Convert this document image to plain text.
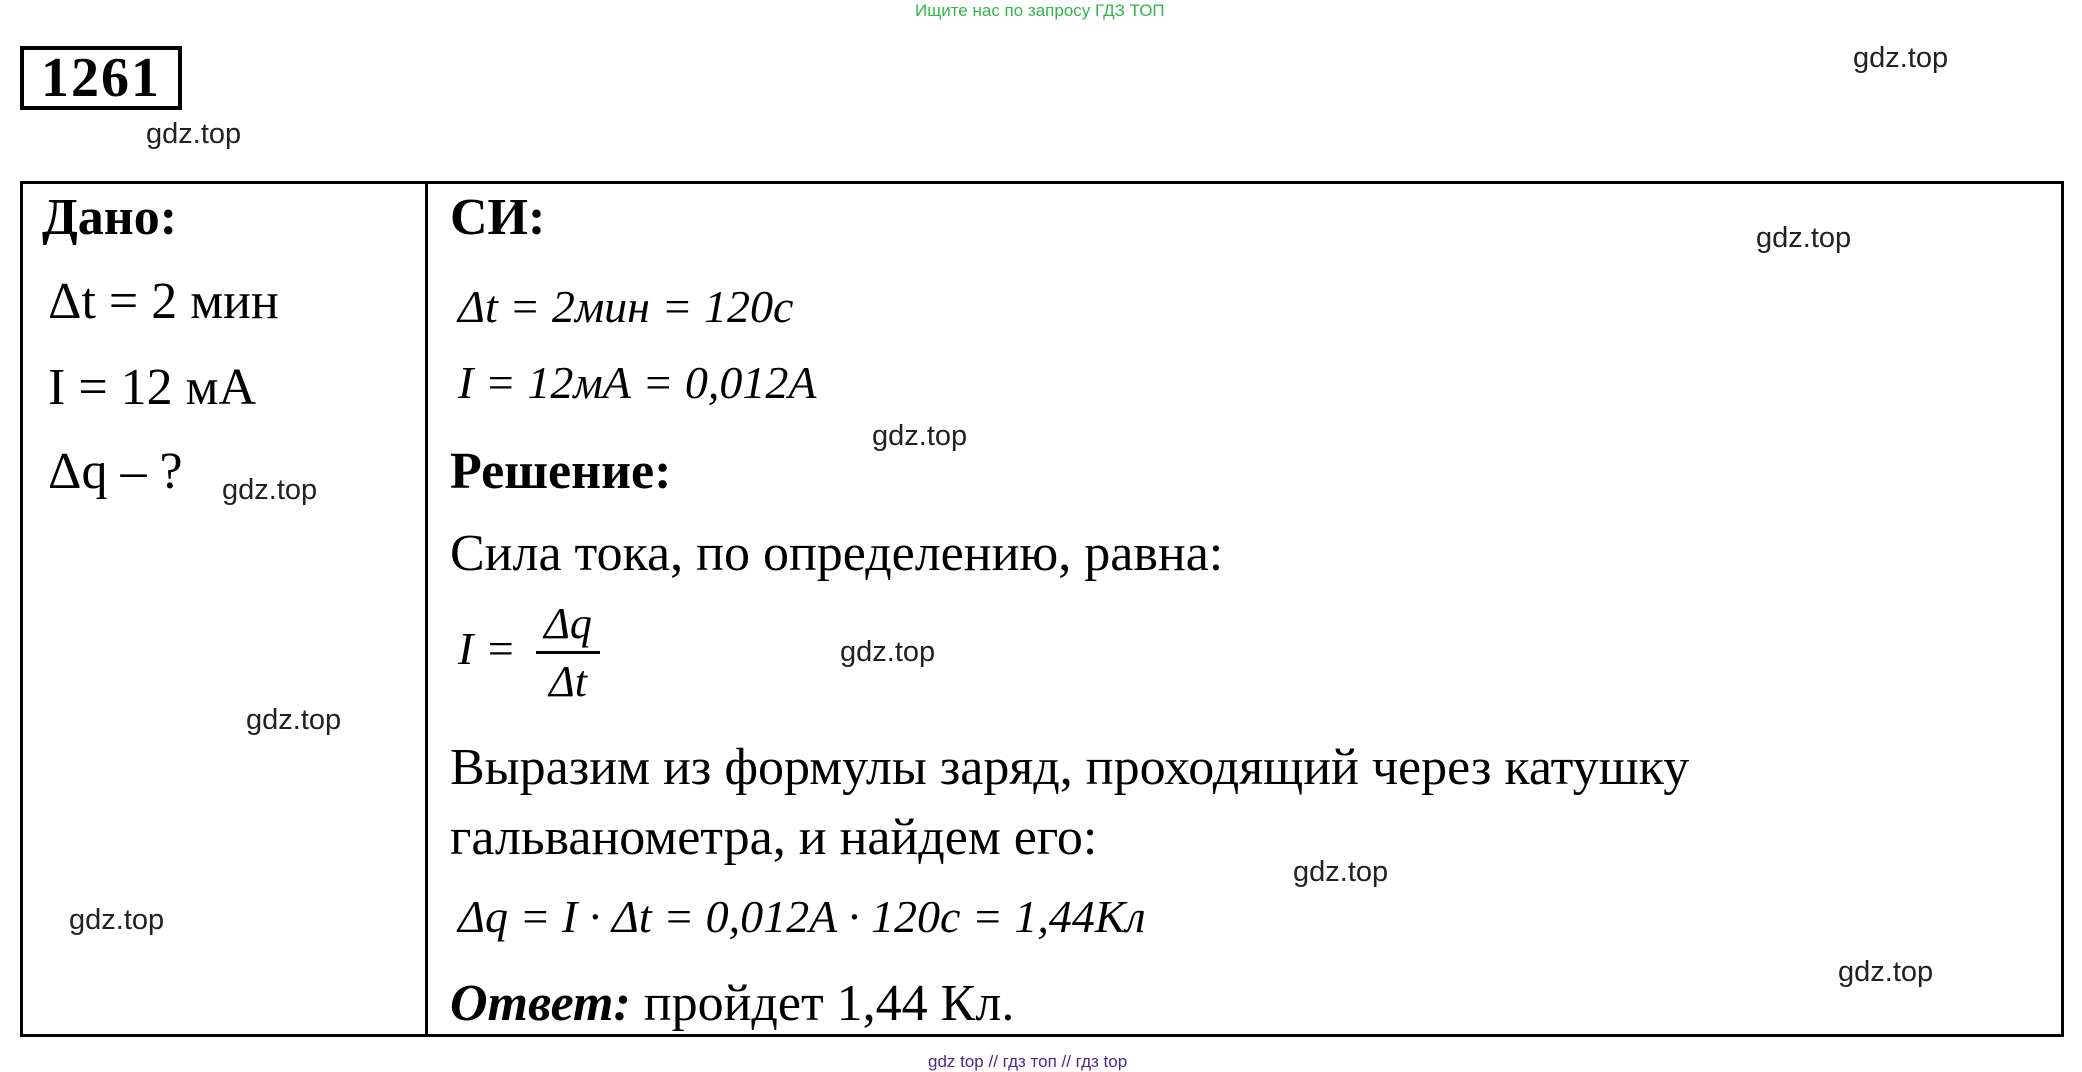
Ищите нас по запросу ГДЗ ТОП
1261	gdz.top
gdz.top
Дано:
Δt = 2 мин
I = 12 мА
Δq – ?
СИ:
Δt = 2мин = 120с
I = 12мА = 0,012A
Решение:
Сила тока, по определению, равна:
I = Δq
Δt
Выразим из формулы заряд, проходящий через катушку
гальванометра, и найдем его:
Δq = I · Δt = 0,012A · 120с = 1,44Кл
Ответ: пройдет 1,44 Кл.
gdz.top
gdz.top
gdz.top
gdz.top
gdz.top
gdz.top
gdz.top
gdz.top
gdz top // гдз топ // гдз top
